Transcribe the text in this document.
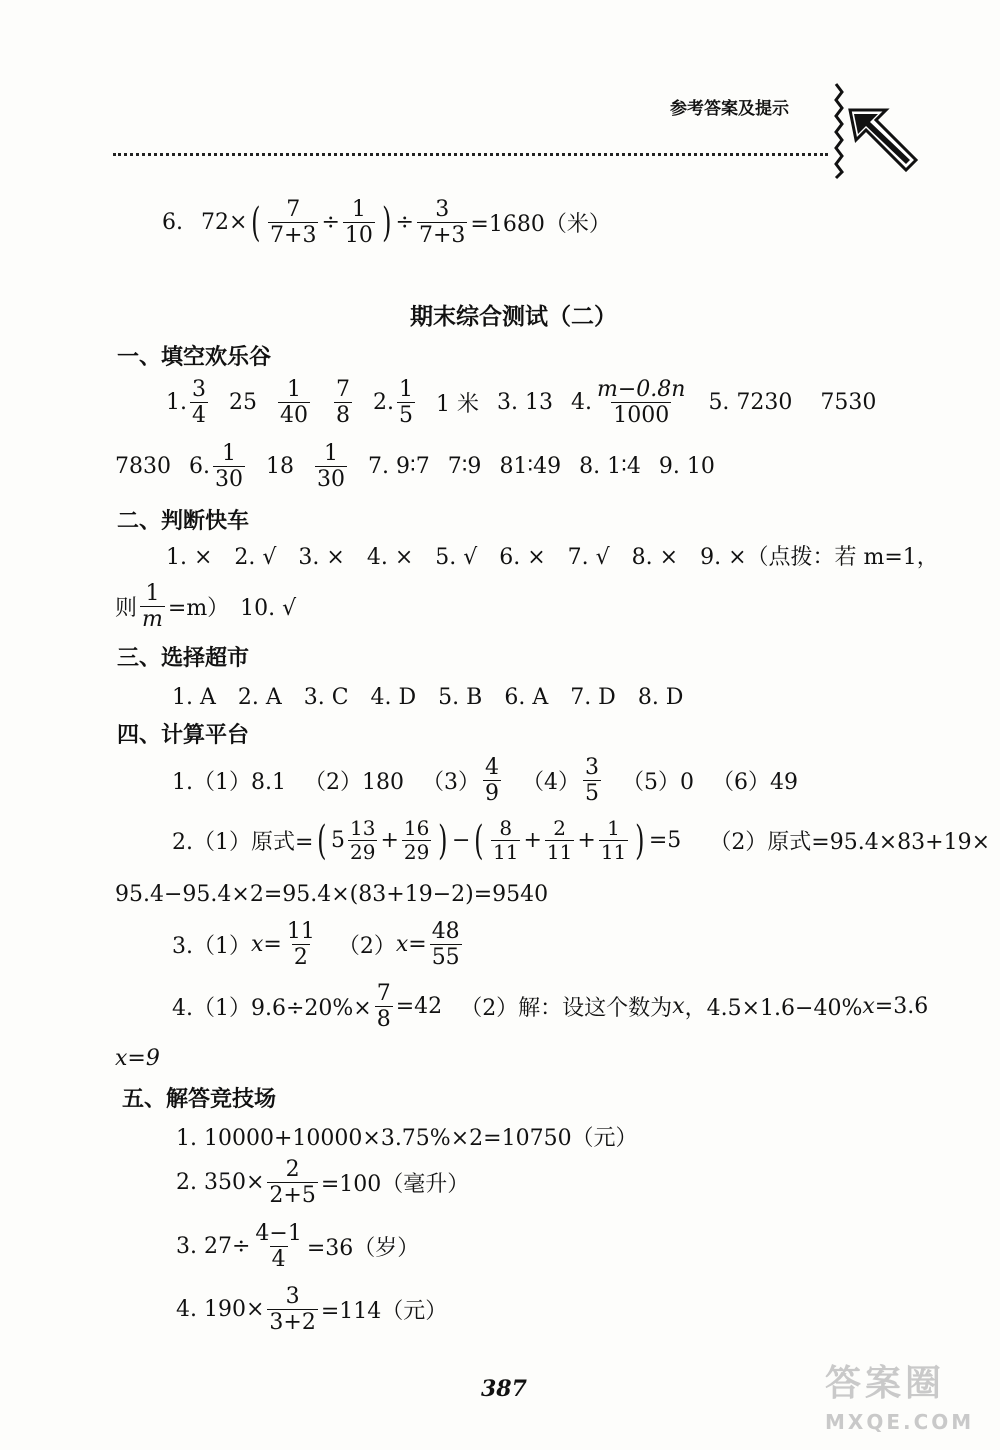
参考答案及提示
6. 72× ( $\frac{7}{7+3} \div \frac{1}{10}$ ) ÷ $\frac{3}{7+3} =1680$（米）
期末综合测试（二）
一、填空欢乐谷
1. $\frac{3}{4} 25 \frac{1}{40} \frac{7}{8} 2$. $\frac{1}{5} 1$ 米 3. 13 4. $\frac{m-0.8n}{1000} 5$. 7230 7530
7830 6. $\frac{1}{30} 18 \frac{1}{30} 7$. 9∶7 7∶9 81∶49 8. 1∶4 9. 10
二、判断快车
1. ×　2. √　3. ×　4. ×　5. √　6. ×　7. √　8. ×　9. ×（点拨：若 m=1，
则 $\frac{1}{m} =m$）　10. √
三、选择超市
1. A　2. A　3. C　4. D　5. B　6. A　7. D　8. D
四、计算平台
1.（1）8.1 （2）180 $(3) \frac{4}{9} (4) \frac{3}{5} (5)0$ （6）49
2.（1）原式= ( $5 \frac{13}{29} + \frac{16}{29}$ ) − ( $\frac{8}{11} + \frac{2}{11} + \frac{1}{11}$ ) =5 （2）原式=95.4×83+19×
95.4−95.4×2=95.4×(83+19−2)=9540
3.（1） $x= \frac{11}{2} (2)$ $x= \frac{48}{55}$
$4.(1)9.6\div 20\%\times \frac{7}{8} =42$ （2）解：设这个数为 x ，4.5×1.6−40% x =3.6
x=9
五、解答竞技场
1. 10000+10000×3.75%×2=10750（元）
2. $350\times \frac{2}{2+5} =100$（毫升）
3. $27\div \frac{4-1}{4} =36$（岁）
4. $190\times \frac{3}{3+2} =114$（元）
387	答案圈
MXQE.COM
